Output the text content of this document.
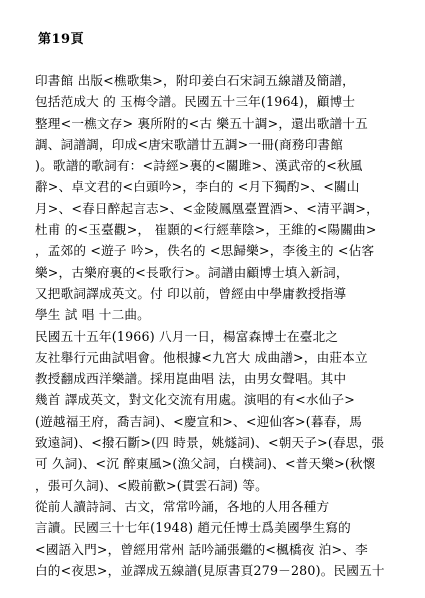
第19頁
印書館 出版<樵歌集>，附印姜白石宋詞五線譜及簡譜，
包括范成大 的 玉梅令譜。民國五十三年(1964)，顧博士
整理<一樵文存> 裏所附的<古 樂五十調>，還出歌譜十五
調、詞譜調，印成<唐宋歌譜廿五調>一冊(商務印書館
)。歌譜的歌詞有：<詩經>裏的<關雎>、漢武帝的<秋風
辭>、卓文君的<白頭吟>，李白的 <月下獨酌>、<關山
月>、<春日醉起言志>、<金陵鳳凰臺置酒>、<清平調>，
杜甫 的<玉臺觀>， 崔顥的<行經華陰>，王維的<陽關曲>
，孟郊的 <遊子 吟>，佚名的 <思歸樂>，李後主的 <佔客
樂>，古樂府裏的<長歌行>。詞譜由顧博士填入新詞，
又把歌詞譯成英文。付 印以前，曾經由中學庸教授指導
學生 試 唱 十二曲。
民國五十五年(1966) 八月一日，楊富森博士在臺北之
友社舉行元曲試唱會。他根據<九宮大 成曲譜>，由莊本立
教授翻成西洋樂譜。採用崑曲唱 法，由男女聲唱。其中
幾首 譯成英文，對文化交流有用處。演唱的有<水仙子>
(遊越福王府，喬吉詞)、<慶宣和>、<迎仙客>(暮春，馬
致遠詞)、<撥石斷>(四 時景，姚燧詞)、<朝天子>(春思，張
可 久詞)、<沉 醉東風>(漁父詞，白樸詞)、<普天樂>(秋懷
，張可久詞)、<殿前歡>(貫雲石詞) 等。
從前人讀詩詞、古文，常常吟誦，各地的人用各種方
言讀。民國三十七年(1948) 趙元任博士爲美國學生寫的
<國語入門>，曾經用常州 話吟誦張繼的<楓橋夜 泊>、李
白的<夜思>，並譯成五線譜(見原書頁279－280)。民國五十
